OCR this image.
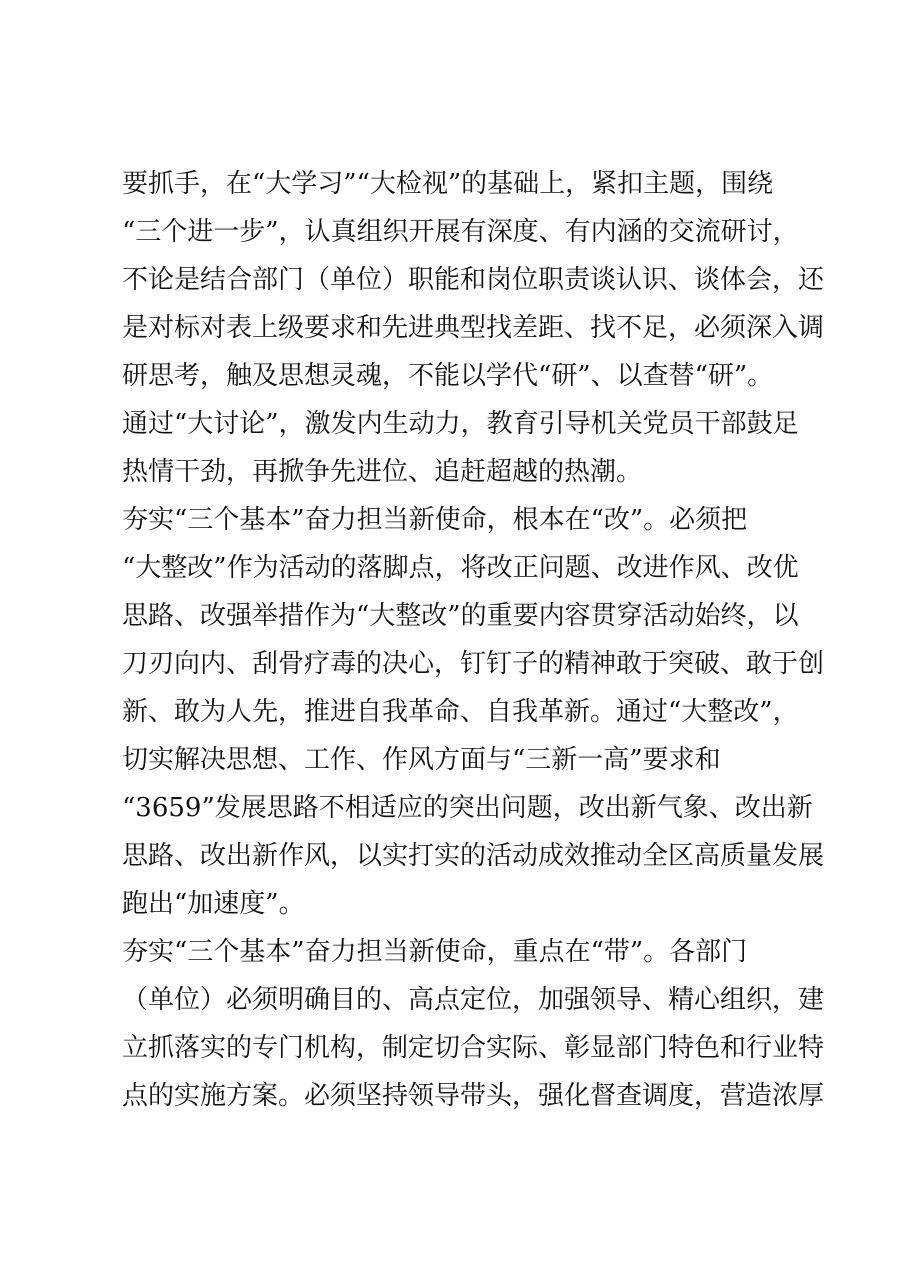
要抓手，在“大学习”“大检视”的基础上，紧扣主题，围绕
“三个进一步”，认真组织开展有深度、有内涵的交流研讨，
不论是结合部门（单位）职能和岗位职责谈认识、谈体会，还
是对标对表上级要求和先进典型找差距、找不足，必须深入调
研思考，触及思想灵魂，不能以学代“研”、以查替“研”。
通过“大讨论”，激发内生动力，教育引导机关党员干部鼓足
热情干劲，再掀争先进位、追赶超越的热潮。
夯实“三个基本”奋力担当新使命，根本在“改”。必须把
“大整改”作为活动的落脚点，将改正问题、改进作风、改优
思路、改强举措作为“大整改”的重要内容贯穿活动始终，以
刀刃向内、刮骨疗毒的决心，钉钉子的精神敢于突破、敢于创
新、敢为人先，推进自我革命、自我革新。通过“大整改”，
切实解决思想、工作、作风方面与“三新一高”要求和
“3659”发展思路不相适应的突出问题，改出新气象、改出新
思路、改出新作风，以实打实的活动成效推动全区高质量发展
跑出“加速度”。
夯实“三个基本”奋力担当新使命，重点在“带”。各部门
（单位）必须明确目的、高点定位，加强领导、精心组织，建
立抓落实的专门机构，制定切合实际、彰显部门特色和行业特
点的实施方案。必须坚持领导带头，强化督查调度，营造浓厚
